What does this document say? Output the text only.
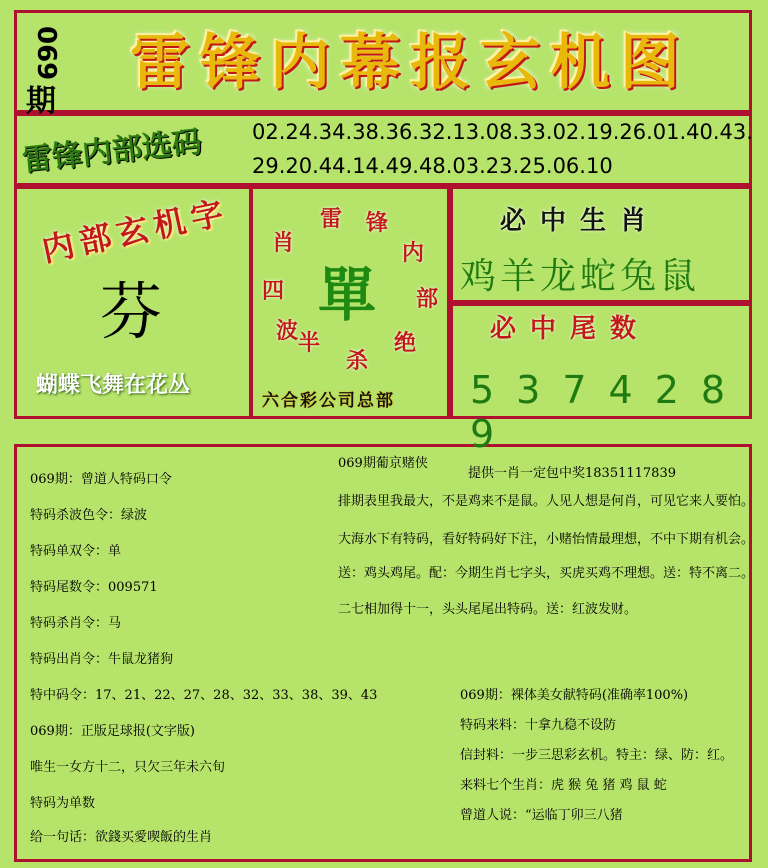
069
期
雷锋内幕报玄机图
雷锋内部选码	02.24.34.38.36.32.13.08.33.02.19.26.01.40.43.
29.20.44.14.49.48.03.23.25.06.10
内部玄机字
芬
蝴蝶飞舞在花丛
雷 锋
内
部
绝
杀
半
波
四
肖
單
六合彩公司总部
必中生肖
鸡羊龙蛇兔鼠
必中尾数
537428 9
069期：曾道人特码口令
特码杀波色令：绿波
特码单双令：单
特码尾数令：009571
特码杀肖令：马
特码出肖令：牛鼠龙猪狗
特中码令：17、21、22、27、28、32、33、38、39、43
069期：正版足球报(文字版)
唯生一女方十二，只欠三年未六旬
特码为单数
给一句话：欲錢买愛喫飯的生肖
069期葡京赌侠
提供一肖一定包中奖18351117839
排期表里我最大，不是鸡来不是鼠。人见人想是何肖，可见它来人要怕。
大海水下有特码，看好特码好下注，小赌怡情最理想，不中下期有机会。
送：鸡头鸡尾。配：今期生肖七字头，买虎买鸡不理想。送：特不离二。
二七相加得十一，头头尾尾出特码。送：红波发财。
069期：裸体美女献特码(准确率100%)
特码来料：十拿九稳不设防
信封料：一步三思彩玄机。特主：绿、防：红。
来料七个生肖：虎 猴 兔 猪 鸡 鼠 蛇
曾道人说：“运临丁卯三八猪
